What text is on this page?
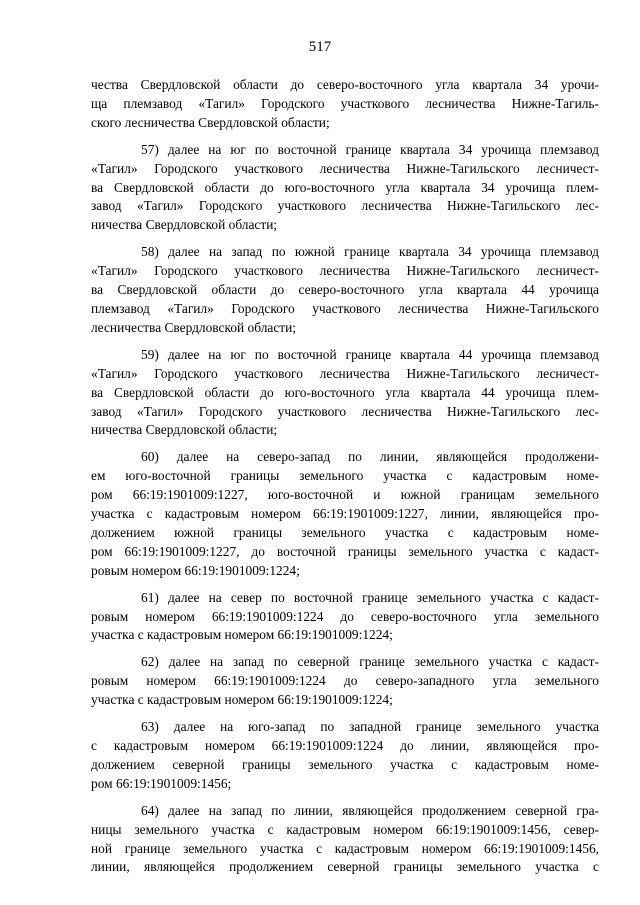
517

чества Свердловской области до северо-восточного угла квартала 34 урочи-
ща племзавод «Тагил» Городского участкового лесничества Нижне-Тагиль-
ского лесничества Свердловской области;

57) далее на юг по восточной границе квартала 34 урочища племзавод
«Тагил» Городского участкового лесничества Нижне-Тагильского лесничест-
ва Свердловской области до юго-восточного угла квартала 34 урочища плем-
завод «Тагил» Городского участкового лесничества Нижне-Тагильского лес-
ничества Свердловской области;

58) далее на запад по южной границе квартала 34 урочища племзавод
«Тагил» Городского участкового лесничества Нижне-Тагильского лесничест-
ва Свердловской области до северо-восточного угла квартала 44 урочища
племзавод «Тагил» Городского участкового лесничества Нижне-Тагильского
лесничества Свердловской области;

59) далее на юг по восточной границе квартала 44 урочища племзавод
«Тагил» Городского участкового лесничества Нижне-Тагильского лесничест-
ва Свердловской области до юго-восточного угла квартала 44 урочища плем-
завод «Тагил» Городского участкового лесничества Нижне-Тагильского лес-
ничества Свердловской области;

60) далее на северо-запад по линии, являющейся продолжени-
ем юго-восточной границы земельного участка с кадастровым номе-
ром 66:19:1901009:1227, юго-восточной и южной границам земельного
участка с кадастровым номером 66:19:1901009:1227, линии, являющейся про-
должением южной границы земельного участка с кадастровым номе-
ром 66:19:1901009:1227, до восточной границы земельного участка с кадаст-
ровым номером 66:19:1901009:1224;

61) далее на север по восточной границе земельного участка с кадаст-
ровым номером 66:19:1901009:1224 до северо-восточного угла земельного
участка с кадастровым номером 66:19:1901009:1224;

62) далее на запад по северной границе земельного участка с кадаст-
ровым номером 66:19:1901009:1224 до северо-западного угла земельного
участка с кадастровым номером 66:19:1901009:1224;

63) далее на юго-запад по западной границе земельного участка
с кадастровым номером 66:19:1901009:1224 до линии, являющейся про-
должением северной границы земельного участка с кадастровым номе-
ром 66:19:1901009:1456;

64) далее на запад по линии, являющейся продолжением северной гра-
ницы земельного участка с кадастровым номером 66:19:1901009:1456, север-
ной границе земельного участка с кадастровым номером 66:19:1901009:1456,
линии, являющейся продолжением северной границы земельного участка с
